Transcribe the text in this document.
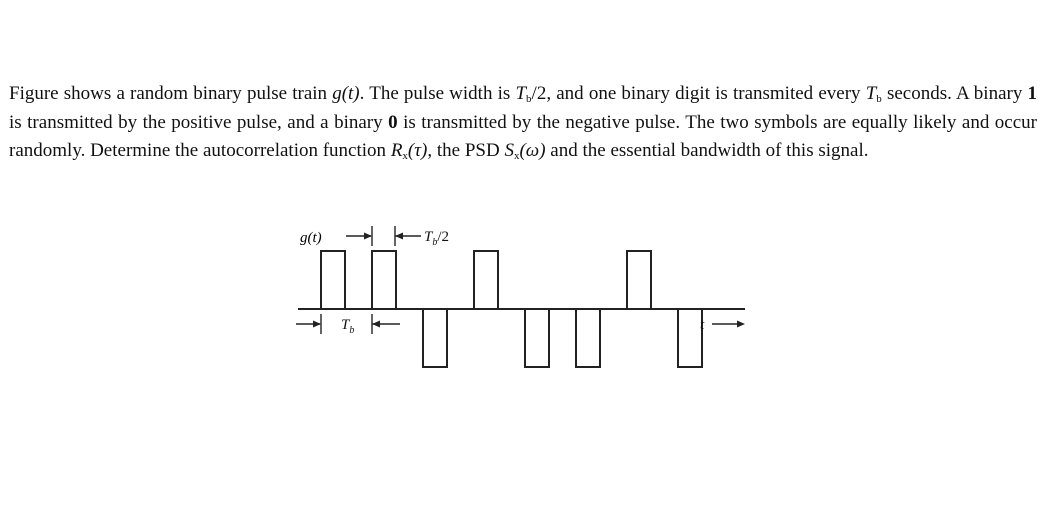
Figure shows a random binary pulse train g(t). The pulse width is $T_b/2$, and one binary digit is transmited every $T_b$ seconds. A binary 1 is transmitted by the positive pulse, and a binary 0 is transmitted by the negative pulse. The two symbols are equally likely and occur randomly. Determine the autocorrelation function $R_x(\tau)$, the PSD $S_x(\omega)$ and the essential bandwidth of this signal.
g(t)	$T_b/2$
$T_b$	t
